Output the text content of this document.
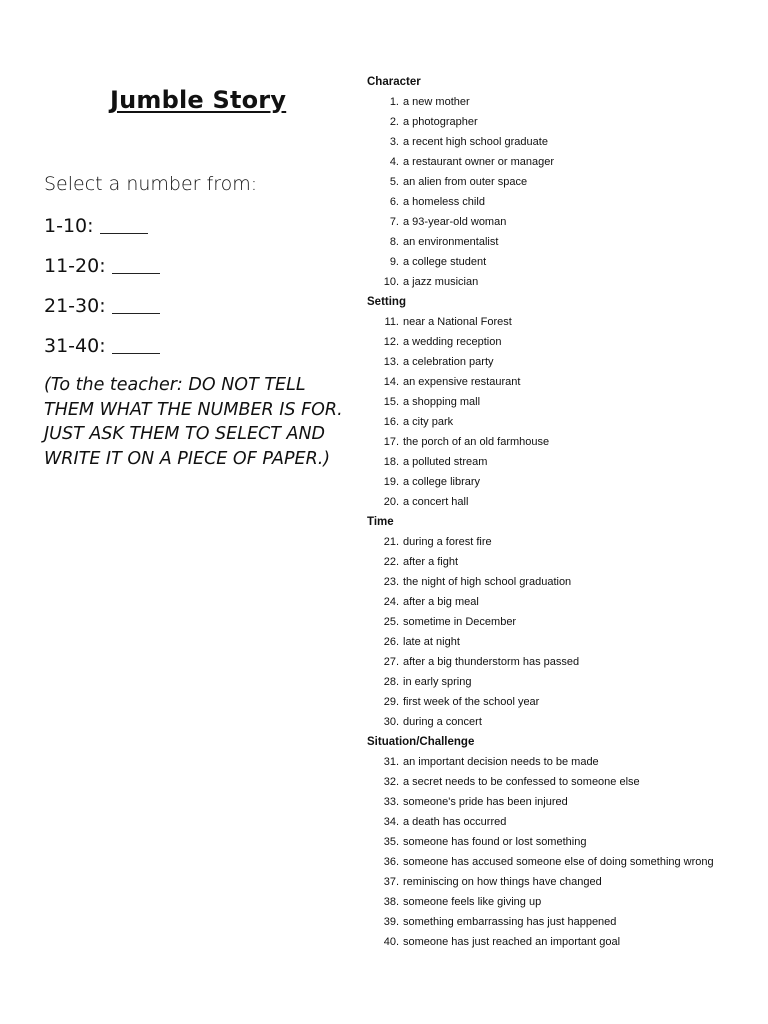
Jumble Story
Select a number from:
1-10:
11-20:
21-30:
31-40:
(To the teacher: DO NOT TELL THEM WHAT THE NUMBER IS FOR. JUST ASK THEM TO SELECT AND WRITE IT ON A PIECE OF PAPER.)
Character
1. a new mother
2. a photographer
3. a recent high school graduate
4. a restaurant owner or manager
5. an alien from outer space
6. a homeless child
7. a 93-year-old woman
8. an environmentalist
9. a college student
10. a jazz musician
Setting
11. near a National Forest
12. a wedding reception
13. a celebration party
14. an expensive restaurant
15. a shopping mall
16. a city park
17. the porch of an old farmhouse
18. a polluted stream
19. a college library
20. a concert hall
Time
21. during a forest fire
22. after a fight
23. the night of high school graduation
24. after a big meal
25. sometime in December
26. late at night
27. after a big thunderstorm has passed
28. in early spring
29. first week of the school year
30. during a concert
Situation/Challenge
31. an important decision needs to be made
32. a secret needs to be confessed to someone else
33. someone's pride has been injured
34. a death has occurred
35. someone has found or lost something
36. someone has accused someone else of doing something wrong
37. reminiscing on how things have changed
38. someone feels like giving up
39. something embarrassing has just happened
40. someone has just reached an important goal
